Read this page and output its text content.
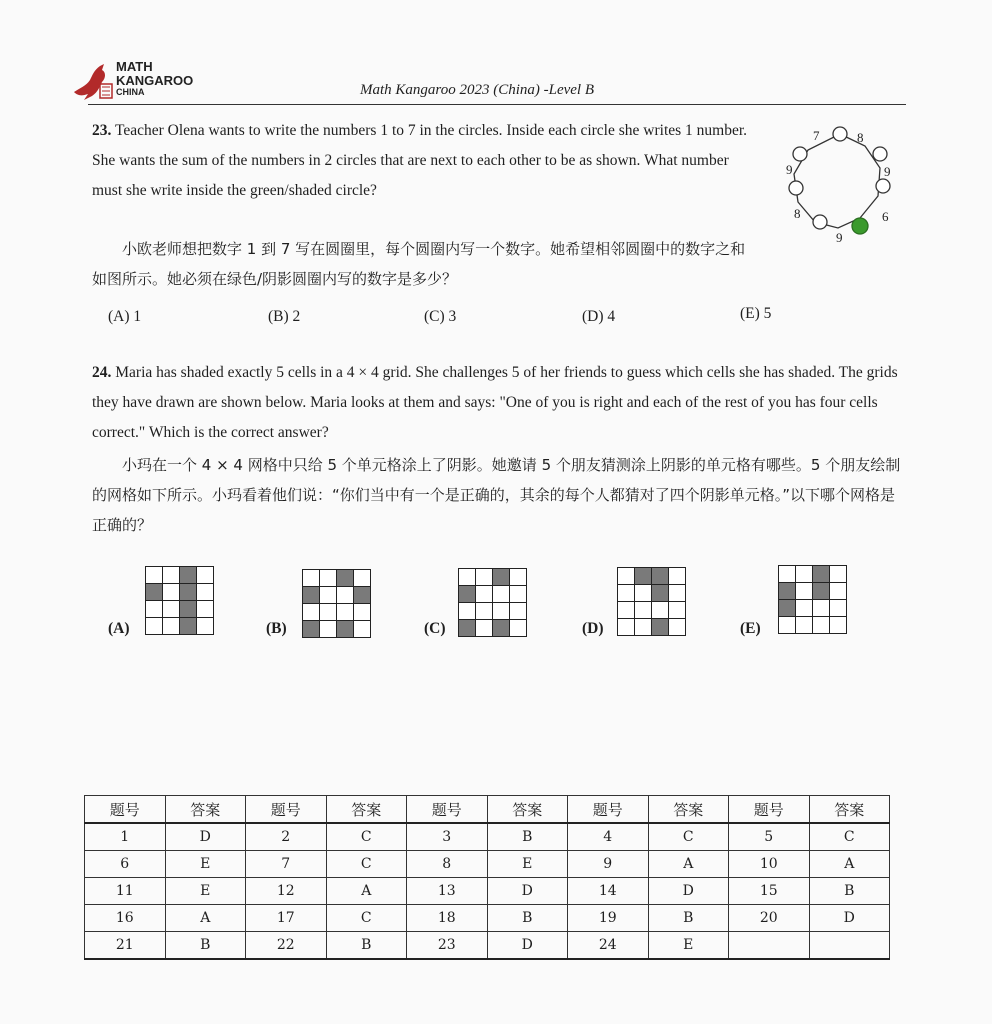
MATH
KANGAROO
CHINA	Math Kangaroo 2023 (China) -Level B
23. Teacher Olena wants to write the numbers 1 to 7 in the circles. Inside each circle she writes 1 number. She wants the sum of the numbers in 2 circles that are next to each other to be as shown. What number must she write inside the green/shaded circle?
小欧老师想把数字 1 到 7 写在圆圈里，每个圆圈内写一个数字。她希望相邻圆圈中的数字之和如图所示。她必须在绿色/阴影圆圈内写的数字是多少？
7	8
9	9
6
8
9
(A) 1	(B) 2	(C) 3	(D) 4	(E) 5
24. Maria has shaded exactly 5 cells in a 4 × 4 grid. She challenges 5 of her friends to guess which cells she has shaded. The grids they have drawn are shown below. Maria looks at them and says: "One of you is right and each of the rest of you has four cells correct." Which is the correct answer?
小玛在一个 4 × 4 网格中只给 5 个单元格涂上了阴影。她邀请 5 个朋友猜测涂上阴影的单元格有哪些。5 个朋友绘制的网格如下所示。小玛看着他们说：“你们当中有一个是正确的，其余的每个人都猜对了四个阴影单元格。”以下哪个网格是正确的？
(A)	(B)	(C)	(D)	(E)
题号	答案	题号	答案	题号	答案	题号	答案	题号	答案
1	D	2	C	3	B	4	C	5	C
6	E	7	C	8	E	9	A	10	A
11	E	12	A	13	D	14	D	15	B
16	A	17	C	18	B	19	B	20	D
21	B	22	B	23	D	24	E		
